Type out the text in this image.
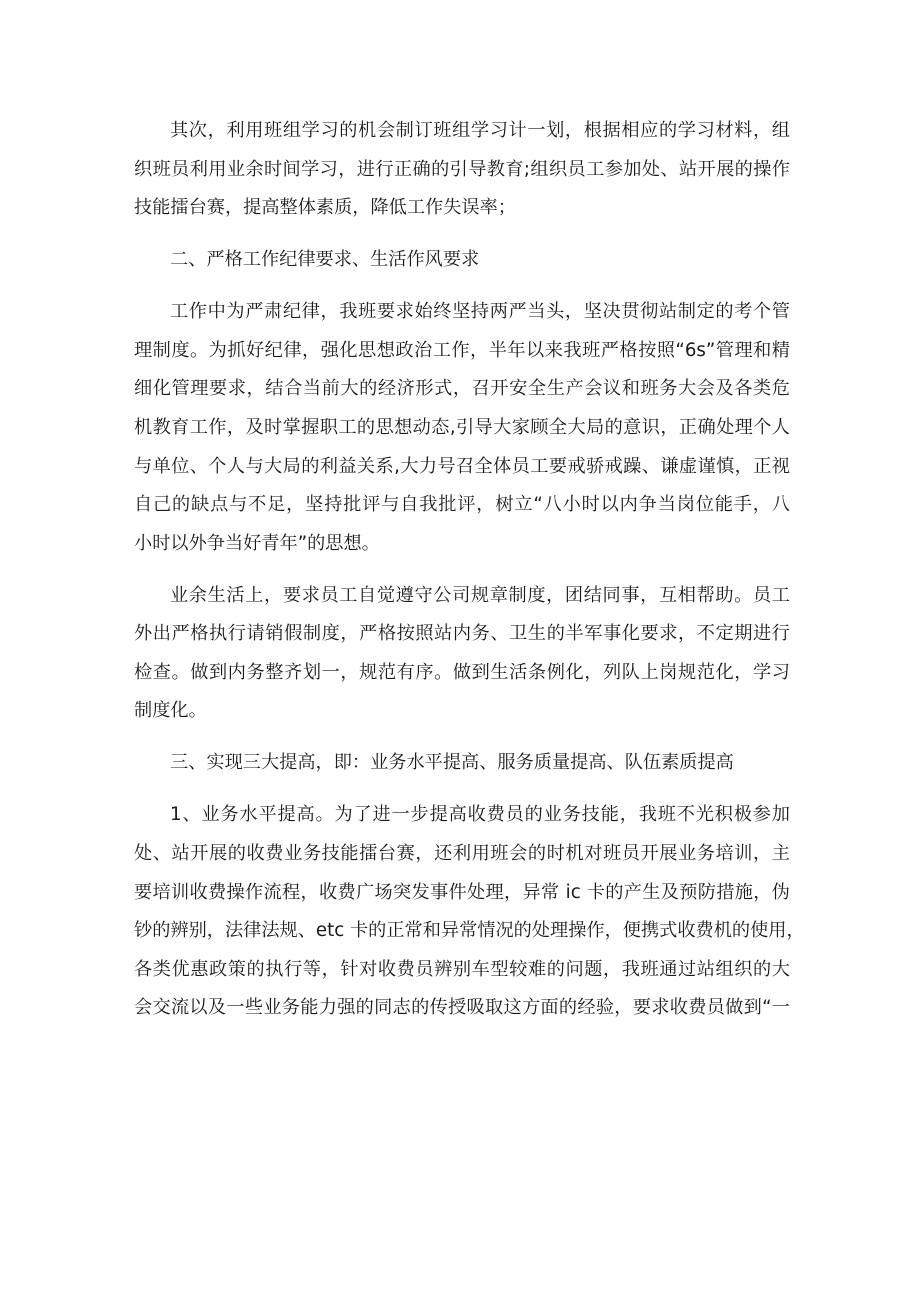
其次，利用班组学习的机会制订班组学习计一划，根据相应的学习材料，组
织班员利用业余时间学习，进行正确的引导教育;组织员工参加处、站开展的操作
技能擂台赛，提高整体素质，降低工作失误率；
二、严格工作纪律要求、生活作风要求
工作中为严肃纪律，我班要求始终坚持两严当头，坚决贯彻站制定的考个管
理制度。为抓好纪律，强化思想政治工作，半年以来我班严格按照“6s”管理和精
细化管理要求，结合当前大的经济形式，召开安全生产会议和班务大会及各类危
机教育工作，及时掌握职工的思想动态,引导大家顾全大局的意识，正确处理个人
与单位、个人与大局的利益关系,大力号召全体员工要戒骄戒躁、谦虚谨慎，正视
自己的缺点与不足，坚持批评与自我批评，树立“八小时以内争当岗位能手，八
小时以外争当好青年”的思想。
业余生活上，要求员工自觉遵守公司规章制度，团结同事，互相帮助。员工
外出严格执行请销假制度，严格按照站内务、卫生的半军事化要求，不定期进行
检查。做到内务整齐划一，规范有序。做到生活条例化，列队上岗规范化，学习
制度化。
三、实现三大提高，即：业务水平提高、服务质量提高、队伍素质提高
1、业务水平提高。为了进一步提高收费员的业务技能，我班不光积极参加
处、站开展的收费业务技能擂台赛，还利用班会的时机对班员开展业务培训，主
要培训收费操作流程，收费广场突发事件处理，异常 ic 卡的产生及预防措施，伪
钞的辨别，法律法规、etc 卡的正常和异常情况的处理操作，便携式收费机的使用，
各类优惠政策的执行等，针对收费员辨别车型较难的问题，我班通过站组织的大
会交流以及一些业务能力强的同志的传授吸取这方面的经验，要求收费员做到“一
